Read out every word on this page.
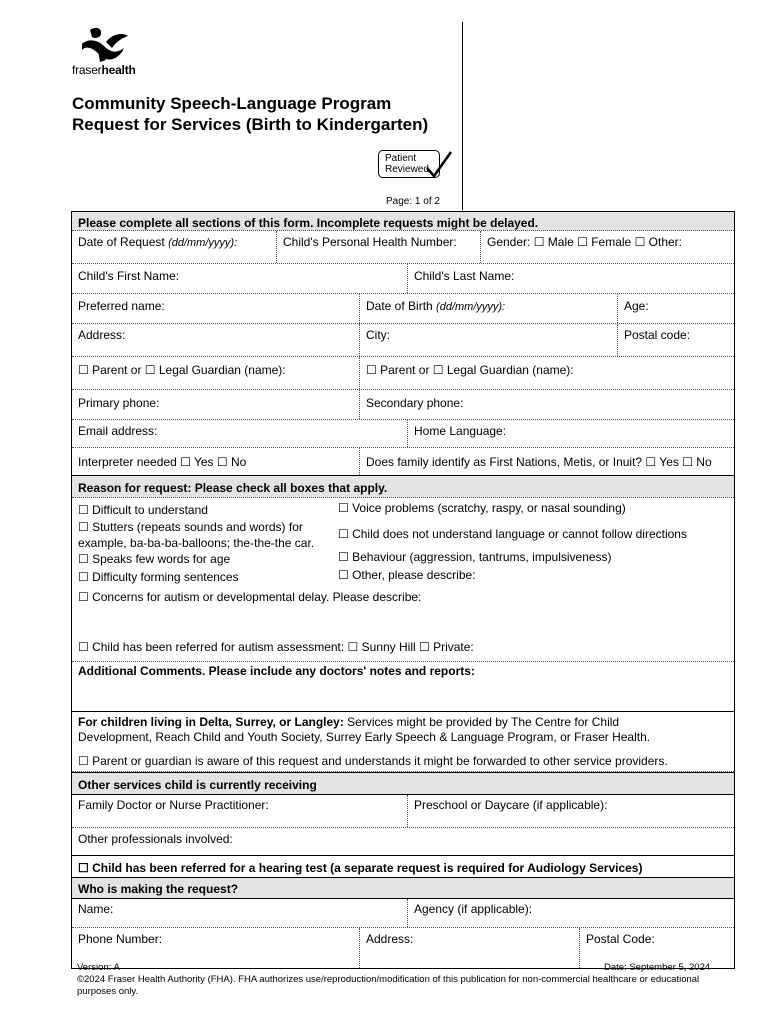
fraserhealth
Community Speech-Language Program
Request for Services (Birth to Kindergarten)
Patient
Reviewed
Page: 1 of 2
Please complete all sections of this form. Incomplete requests might be delayed.
Date of Request (dd/mm/yyyy):	Child's Personal Health Number:	Gender: ☐ Male ☐ Female ☐ Other:
Child's First Name:	Child's Last Name:
Preferred name:	Date of Birth (dd/mm/yyyy):	Age:
Address:	City:	Postal code:
☐ Parent or ☐ Legal Guardian (name):	☐ Parent or ☐ Legal Guardian (name):
Primary phone:	Secondary phone:
Email address:	Home Language:
Interpreter needed ☐ Yes ☐ No	Does family identify as First Nations, Metis, or Inuit? ☐ Yes ☐ No
Reason for request: Please check all boxes that apply.
☐ Difficult to understand	☐ Voice problems (scratchy, raspy, or nasal sounding)
☐ Stutters (repeats sounds and words) for
example, ba-ba-ba-balloons; the-the-the car.
☐ Child does not understand language or cannot follow directions
☐ Speaks few words for age	☐ Behaviour (aggression, tantrums, impulsiveness)
☐ Difficulty forming sentences	☐ Other, please describe:
☐ Concerns for autism or developmental delay. Please describe:
☐ Child has been referred for autism assessment: ☐ Sunny Hill ☐ Private:
Additional Comments. Please include any doctors' notes and reports:
For children living in Delta, Surrey, or Langley: Services might be provided by The Centre for Child
Development, Reach Child and Youth Society, Surrey Early Speech & Language Program, or Fraser Health.
☐ Parent or guardian is aware of this request and understands it might be forwarded to other service providers.
Other services child is currently receiving
Family Doctor or Nurse Practitioner:	Preschool or Daycare (if applicable):
Other professionals involved:
☐ Child has been referred for a hearing test (a separate request is required for Audiology Services)
Who is making the request?
Name:	Agency (if applicable):
Phone Number:	Address:	Postal Code:
Version: A	Date: September 5, 2024
©2024 Fraser Health Authority (FHA). FHA authorizes use/reproduction/modification of this publication for non-commercial healthcare or educational purposes only.
